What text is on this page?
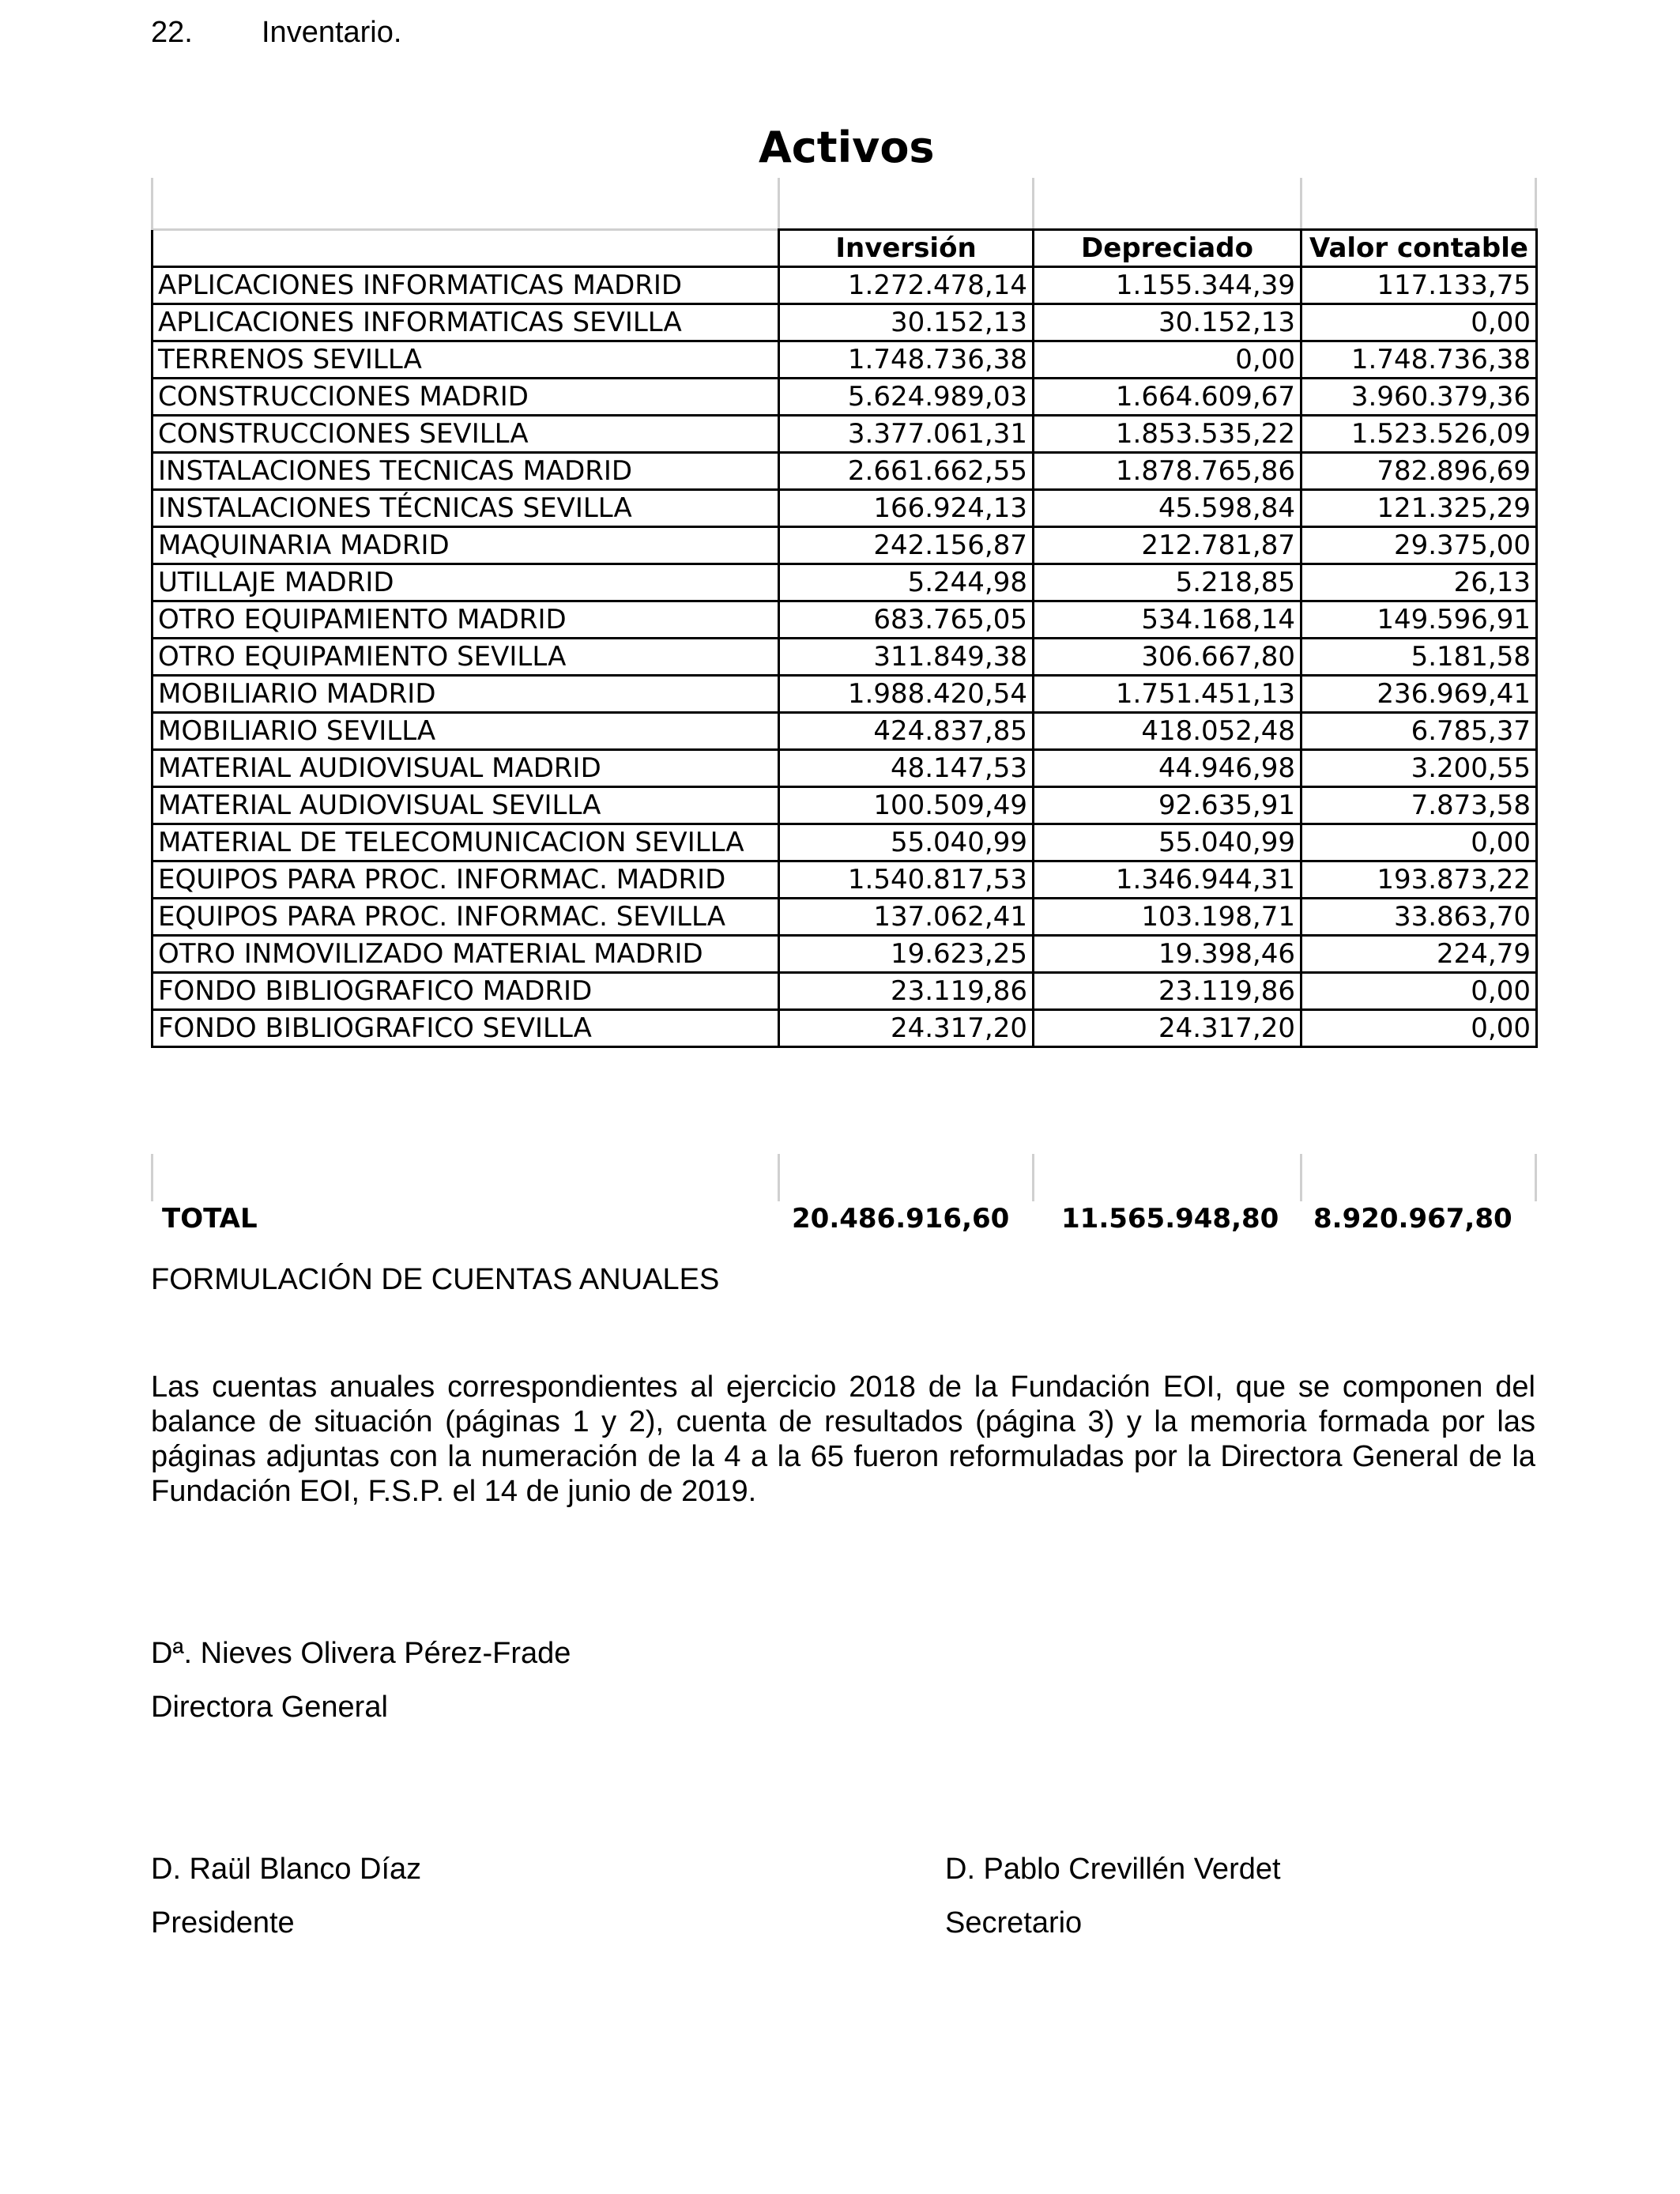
22. Inventario.
Activos
	Inversión	Depreciado	Valor contable
APLICACIONES INFORMATICAS MADRID	1.272.478,14	1.155.344,39	117.133,75
APLICACIONES INFORMATICAS SEVILLA	30.152,13	30.152,13	0,00
TERRENOS SEVILLA	1.748.736,38	0,00	1.748.736,38
CONSTRUCCIONES MADRID	5.624.989,03	1.664.609,67	3.960.379,36
CONSTRUCCIONES SEVILLA	3.377.061,31	1.853.535,22	1.523.526,09
INSTALACIONES TECNICAS MADRID	2.661.662,55	1.878.765,86	782.896,69
INSTALACIONES TÉCNICAS SEVILLA	166.924,13	45.598,84	121.325,29
MAQUINARIA MADRID	242.156,87	212.781,87	29.375,00
UTILLAJE MADRID	5.244,98	5.218,85	26,13
OTRO EQUIPAMIENTO MADRID	683.765,05	534.168,14	149.596,91
OTRO EQUIPAMIENTO SEVILLA	311.849,38	306.667,80	5.181,58
MOBILIARIO MADRID	1.988.420,54	1.751.451,13	236.969,41
MOBILIARIO SEVILLA	424.837,85	418.052,48	6.785,37
MATERIAL AUDIOVISUAL MADRID	48.147,53	44.946,98	3.200,55
MATERIAL AUDIOVISUAL SEVILLA	100.509,49	92.635,91	7.873,58
MATERIAL DE TELECOMUNICACION SEVILLA	55.040,99	55.040,99	0,00
EQUIPOS PARA PROC. INFORMAC. MADRID	1.540.817,53	1.346.944,31	193.873,22
EQUIPOS PARA PROC. INFORMAC. SEVILLA	137.062,41	103.198,71	33.863,70
OTRO INMOVILIZADO MATERIAL MADRID	19.623,25	19.398,46	224,79
FONDO BIBLIOGRAFICO MADRID	23.119,86	23.119,86	0,00
FONDO BIBLIOGRAFICO SEVILLA	24.317,20	24.317,20	0,00
TOTAL	20.486.916,60 11.565.948,80 8.920.967,80
FORMULACIÓN DE CUENTAS ANUALES
Las cuentas anuales correspondientes al ejercicio 2018 de la Fundación EOI, que se componen del
balance de situación (páginas 1 y 2), cuenta de resultados (página 3) y la memoria formada por las
páginas adjuntas con la numeración de la 4 a la 65 fueron reformuladas por la Directora General de la
Fundación EOI, F.S.P. el 14 de junio de 2019.
Dª. Nieves Olivera Pérez-Frade
Directora General
D. Raül Blanco Díaz
Presidente
D. Pablo Crevillén Verdet
Secretario
